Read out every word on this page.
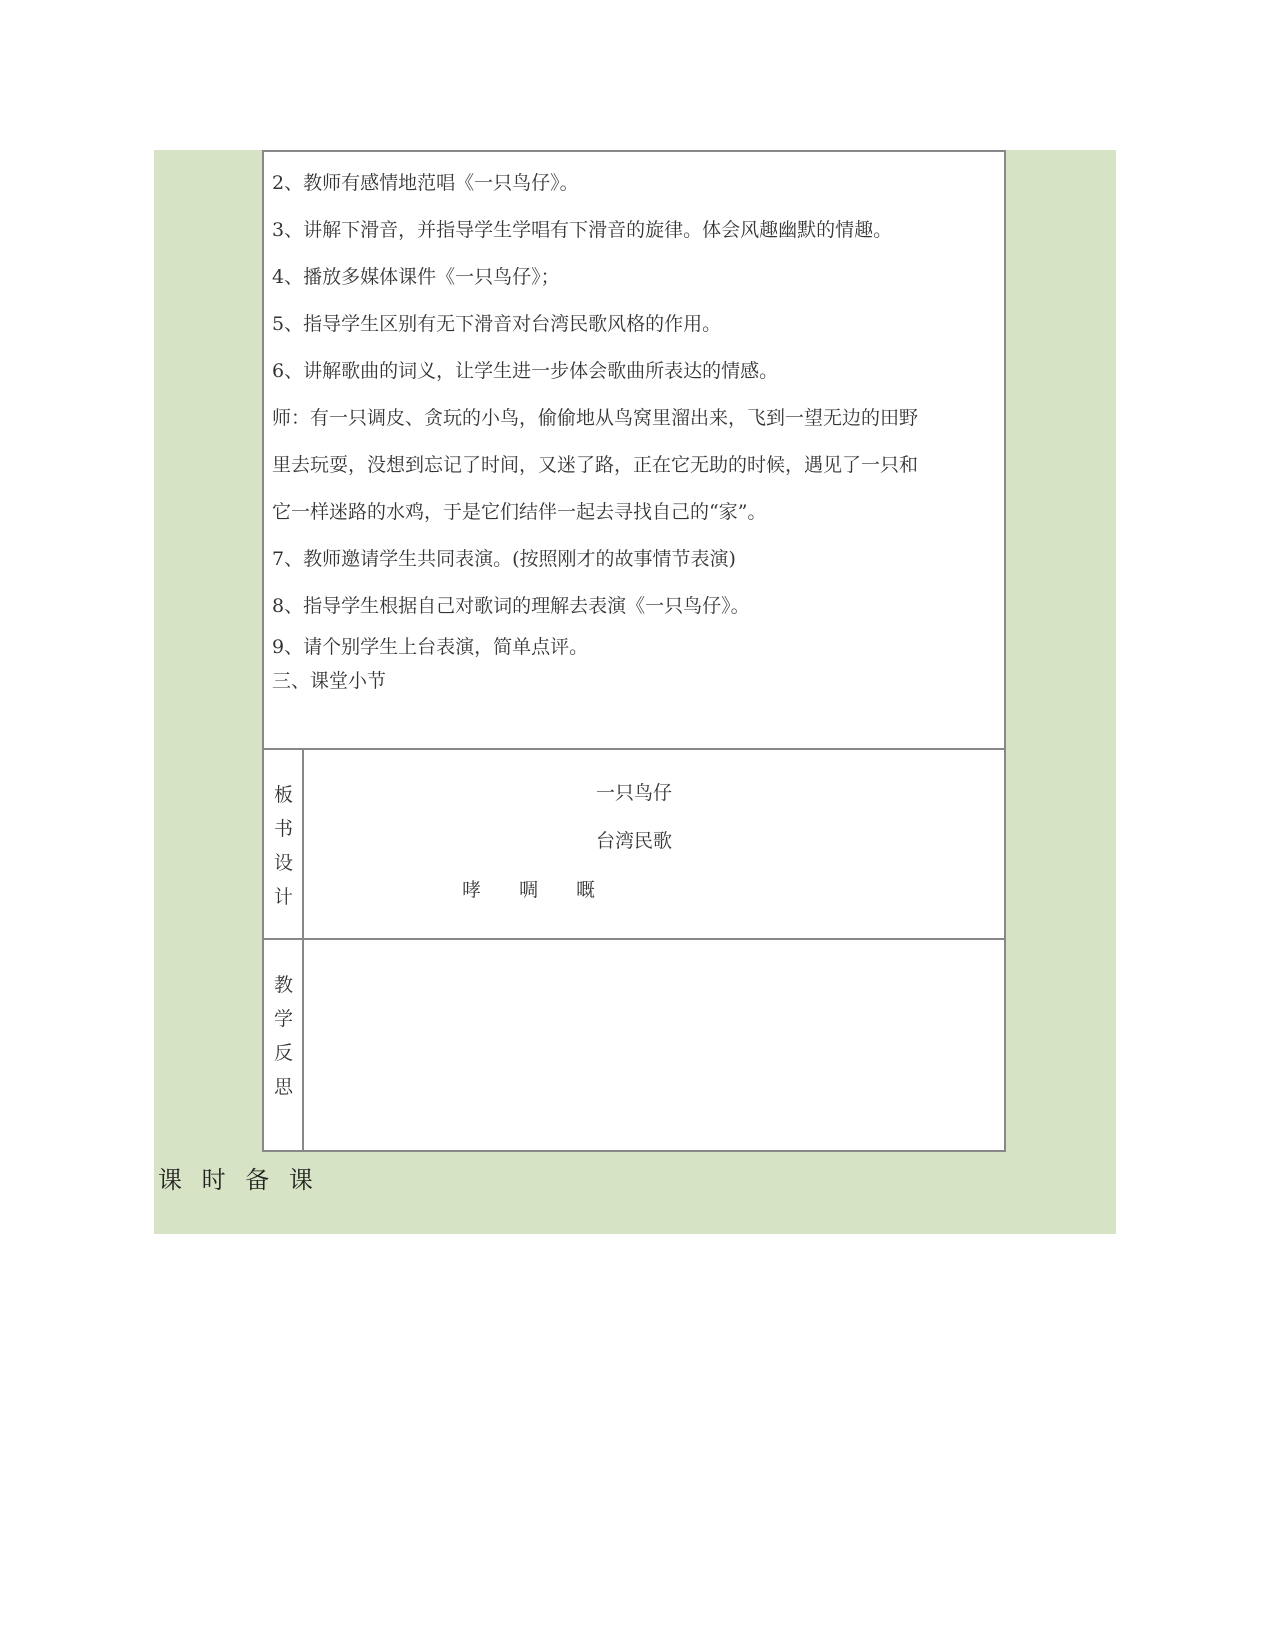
2、教师有感情地范唱《一只鸟仔》。
3、讲解下滑音，并指导学生学唱有下滑音的旋律。体会风趣幽默的情趣。
4、播放多媒体课件《一只鸟仔》；
5、指导学生区别有无下滑音对台湾民歌风格的作用。
6、讲解歌曲的词义，让学生进一步体会歌曲所表达的情感。
师：有一只调皮、贪玩的小鸟，偷偷地从鸟窝里溜出来，飞到一望无边的田野
里去玩耍，没想到忘记了时间，又迷了路，正在它无助的时候，遇见了一只和
它一样迷路的水鸡，于是它们结伴一起去寻找自己的“家”。
7、教师邀请学生共同表演。(按照刚才的故事情节表演)
8、指导学生根据自己对歌词的理解去表演《一只鸟仔》。
9、请个别学生上台表演，简单点评。
三、课堂小节
板
书
设
计
一只鸟仔
台湾民歌
哮 啁 嘅
教
学
反
思
课 时 备 课
